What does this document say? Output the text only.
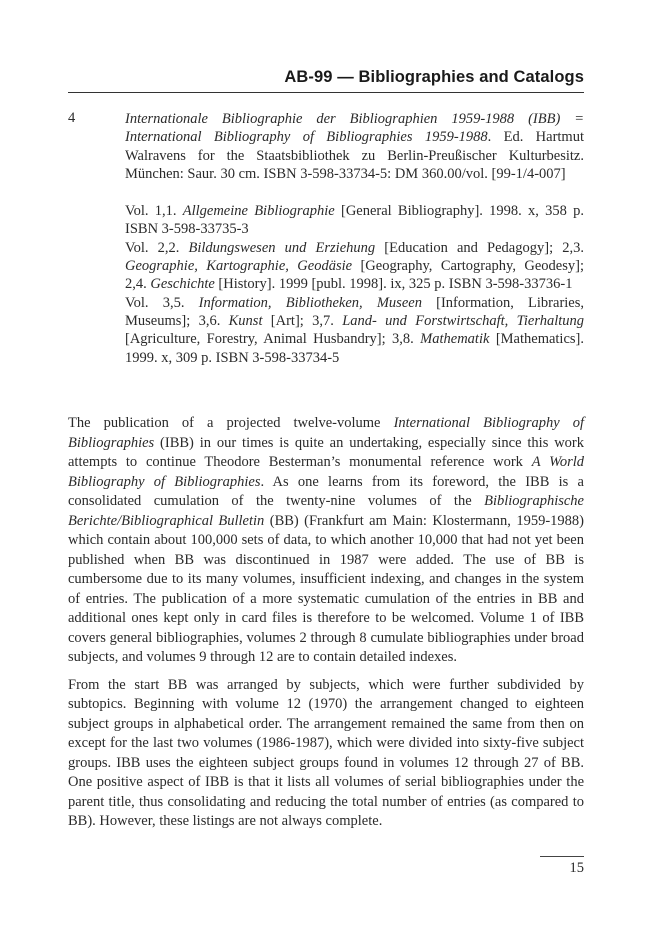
AB-99 — Bibliographies and Catalogs
4	Internationale Bibliographie der Bibliographien 1959-1988 (IBB) = International Bibliography of Bibliographies 1959-1988. Ed. Hartmut Walravens for the Staatsbibliothek zu Berlin-Preußischer Kulturbesitz. München: Saur. 30 cm. ISBN 3-598-33734-5: DM 360.00/vol. [99-1/4-007]

Vol. 1,1. Allgemeine Bibliographie [General Bibliography]. 1998. x, 358 p. ISBN 3-598-33735-3

Vol. 2,2. Bildungswesen und Erziehung [Education and Pedagogy]; 2,3. Geographie, Kartographie, Geodäsie [Geography, Cartography, Geodesy]; 2,4. Geschichte [History]. 1999 [publ. 1998]. ix, 325 p. ISBN 3-598-33736-1

Vol. 3,5. Information, Bibliotheken, Museen [Information, Libraries, Museums]; 3,6. Kunst [Art]; 3,7. Land- und Forstwirtschaft, Tierhaltung [Agriculture, Forestry, Animal Husbandry]; 3,8. Mathematik [Mathematics]. 1999. x, 309 p. ISBN 3-598-33734-5

The publication of a projected twelve-volume International Bibliography of Bibliographies (IBB) in our times is quite an undertaking, especially since this work attempts to continue Theodore Besterman’s monumental reference work A World Bibliography of Bibliographies. As one learns from its foreword, the IBB is a consolidated cumulation of the twenty-nine volumes of the Bibliographische Berichte/Bibliographical Bulletin (BB) (Frankfurt am Main: Klostermann, 1959-1988) which contain about 100,000 sets of data, to which another 10,000 that had not yet been published when BB was discontinued in 1987 were added. The use of BB is cumbersome due to its many volumes, insufficient indexing, and changes in the system of entries. The publication of a more systematic cumulation of the entries in BB and additional ones kept only in card files is therefore to be welcomed. Volume 1 of IBB covers general bibliographies, volumes 2 through 8 cumulate bibliographies under broad subjects, and volumes 9 through 12 are to contain detailed indexes.

From the start BB was arranged by subjects, which were further subdivided by subtopics. Beginning with volume 12 (1970) the arrangement changed to eighteen subject groups in alphabetical order. The arrangement remained the same from then on except for the last two volumes (1986-1987), which were divided into sixty-five subject groups. IBB uses the eighteen subject groups found in volumes 12 through 27 of BB. One positive aspect of IBB is that it lists all volumes of serial bibliographies under the parent title, thus consolidating and reducing the total number of entries (as compared to BB). However, these listings are not always complete.

15
